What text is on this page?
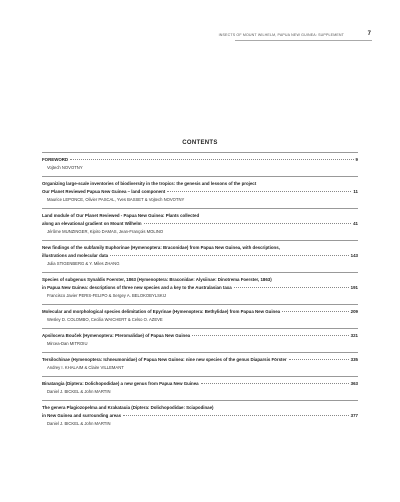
INSECTS OF MOUNT WILHELM, PAPUA NEW GUINEA: SUPPLEMENT	7
CONTENTS
FOREWORD	9
Vojtech NOVOTNY
Organizing large-scale inventories of biodiversity in the tropics: the genesis and lessons of the project
Our Planet Reviewed Papua New Guinea – land component	11
Maurice LEPONCE, Olivier PASCAL, Yves BASSET & Vojtech NOVOTNY
Land module of Our Planet Reviewed - Papua New Guinea: Plants collected
along an elevational gradient on Mount Wilhelm	41
Jérôme MUNZINGER, Kipiro DAMAS, Jean-François MOLINO
New findings of the subfamily Euphorinae (Hymenoptera: Braconidae) from Papua New Guinea, with descriptions,
illustrations and molecular data	143
Julia STIGENBERG & Y. Miles ZHANG
Species of subgenus Synaldis Foerster, 1863 (Hymenoptera: Braconidae: Alysiinae: Dinotrema Foerster, 1863)
in Papua New Guinea: descriptions of three new species and a key to the Australasian taxa	191
Francisco Javier PERIS-FELIPO & Sergey A. BELOKOBYLSKIJ
Molecular and morphological species delimitation of Epyrinae (Hymenoptera: Bethylidae) from Papua New Guinea	209
Wesley D. COLOMBO, Cecilia WAICHERT & Celso O. AZEVE
Apsilocera Bouček (Hymenoptera: Pteromalidae) of Papua New Guinea	321
Mircea-Dan MITROIU
Tersilochinae (Hymenoptera: Ichneumonidae) of Papua New Guinea: nine new species of the genus Diaparsis Förster	335
Andrey I. KHALAIM & Claire VILLEMANT
Binatangia (Diptera: Dolichopodidae) a new genus from Papua New Guinea	363
Daniel J. BICKEL & John MARTIN
The genera Plagiozopelma and Krakatauia (Diptera: Dolichopodidae: Sciapodinae)
in New Guinea and surrounding areas	377
Daniel J. BICKEL & John MARTIN
